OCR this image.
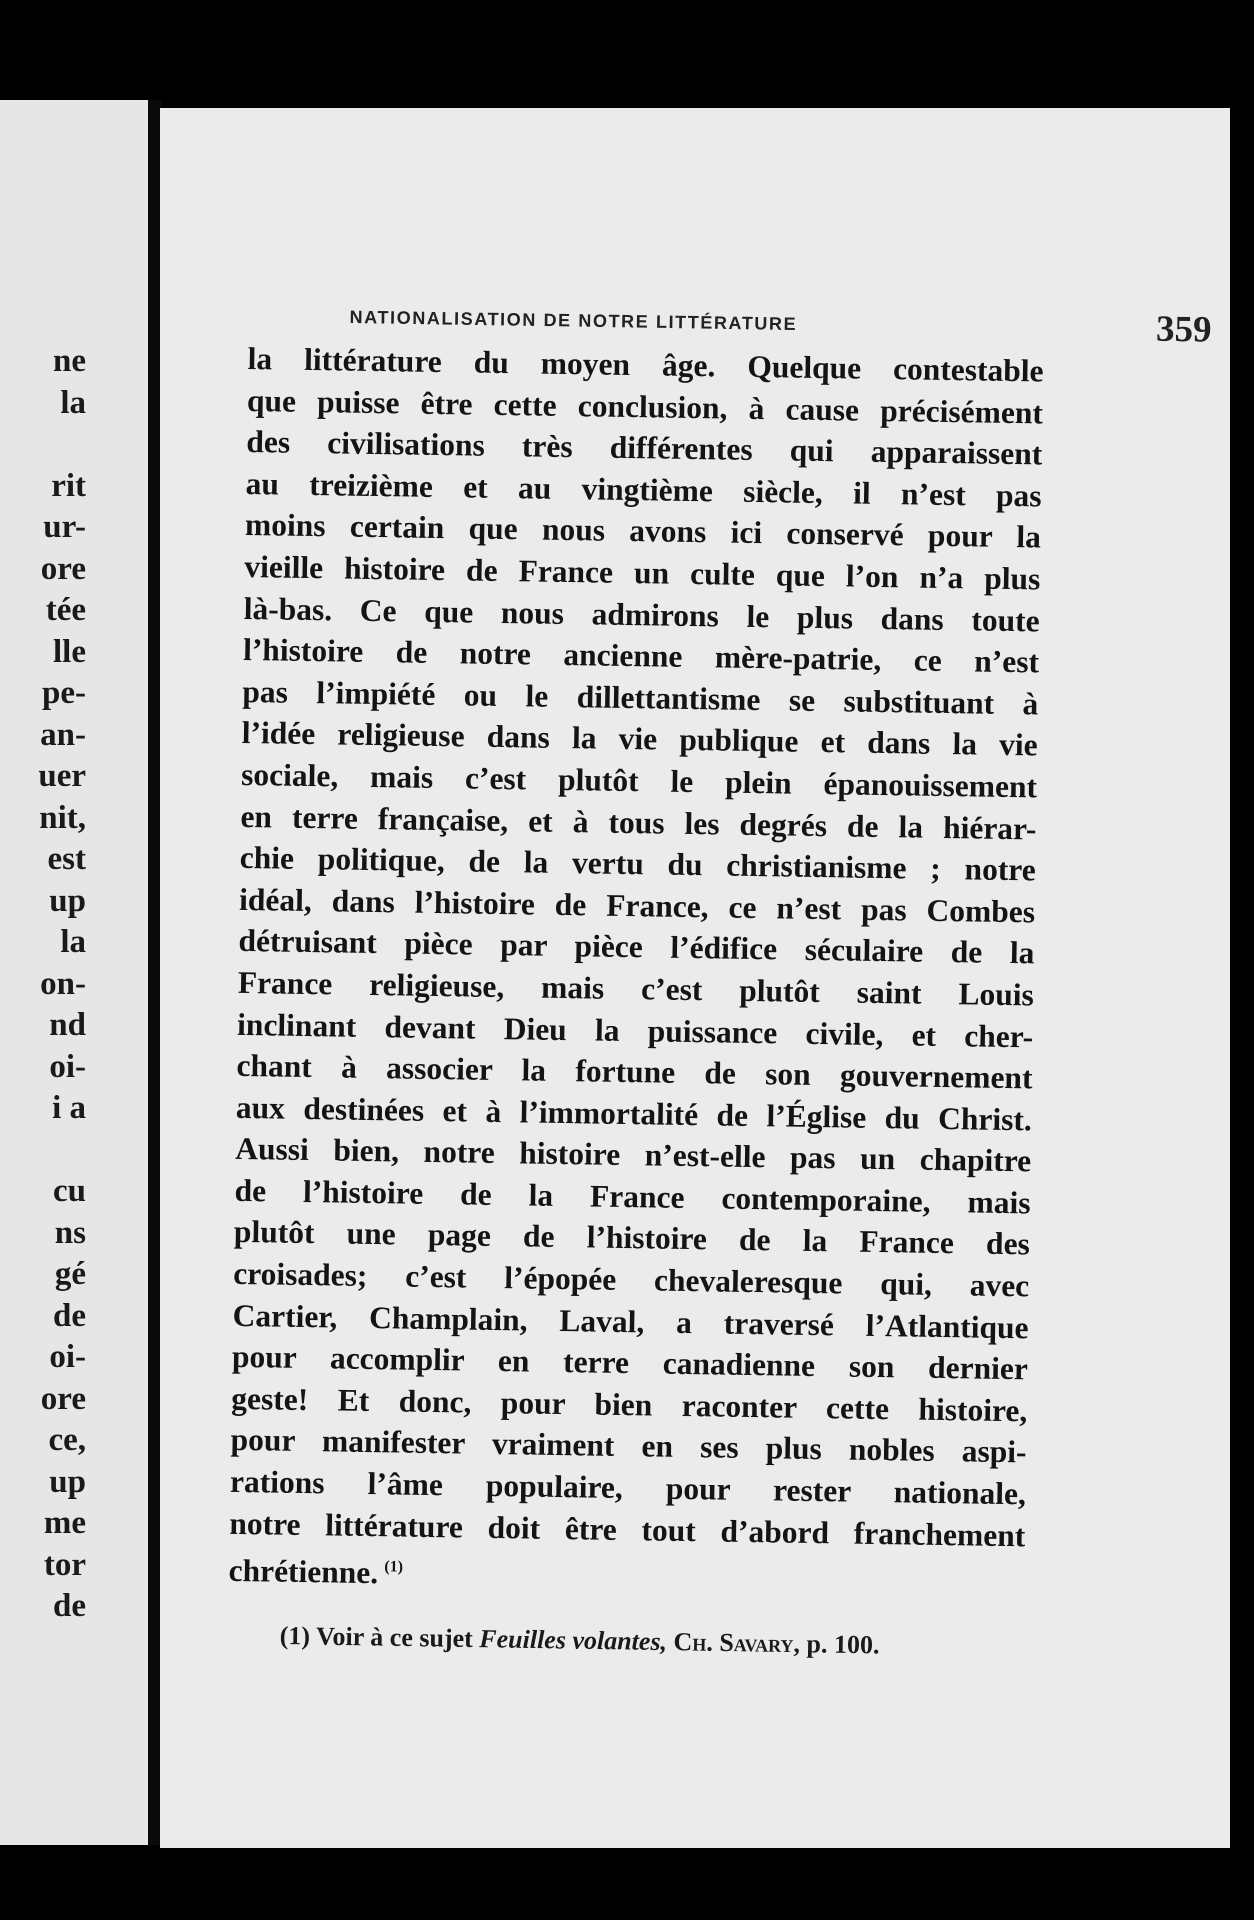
ne
la

rit
ur-
ore
tée
lle
pe-
an-
uer
nit,
est
up
la
on-
nd
oi-
i a

cu
ns
gé
de
oi-
ore
ce,
up
me
tor
de
NATIONALISATION DE NOTRE LITTÉRATURE	359
la littérature du moyen âge. Quelque contestable
que puisse être cette conclusion, à cause précisément
des civilisations très différentes qui apparaissent
au treizième et au vingtième siècle, il n’est pas
moins certain que nous avons ici conservé pour la
vieille histoire de France un culte que l’on n’a plus
là-bas. Ce que nous admirons le plus dans toute
l’histoire de notre ancienne mère-patrie, ce n’est
pas l’impiété ou le dillettantisme se substituant à
l’idée religieuse dans la vie publique et dans la vie
sociale, mais c’est plutôt le plein épanouissement
en terre française, et à tous les degrés de la hiérar-
chie politique, de la vertu du christianisme ; notre
idéal, dans l’histoire de France, ce n’est pas Combes
détruisant pièce par pièce l’édifice séculaire de la
France religieuse, mais c’est plutôt saint Louis
inclinant devant Dieu la puissance civile, et cher-
chant à associer la fortune de son gouvernement
aux destinées et à l’immortalité de l’Église du Christ.
Aussi bien, notre histoire n’est-elle pas un chapitre
de l’histoire de la France contemporaine, mais
plutôt une page de l’histoire de la France des
croisades; c’est l’épopée chevaleresque qui, avec
Cartier, Champlain, Laval, a traversé l’Atlantique
pour accomplir en terre canadienne son dernier
geste! Et donc, pour bien raconter cette histoire,
pour manifester vraiment en ses plus nobles aspi-
rations l’âme populaire, pour rester nationale,
notre littérature doit être tout d’abord franchement
chrétienne. $^{(1)}$
(1) Voir à ce sujet Feuilles volantes, Ch. Savary, p. 100.
